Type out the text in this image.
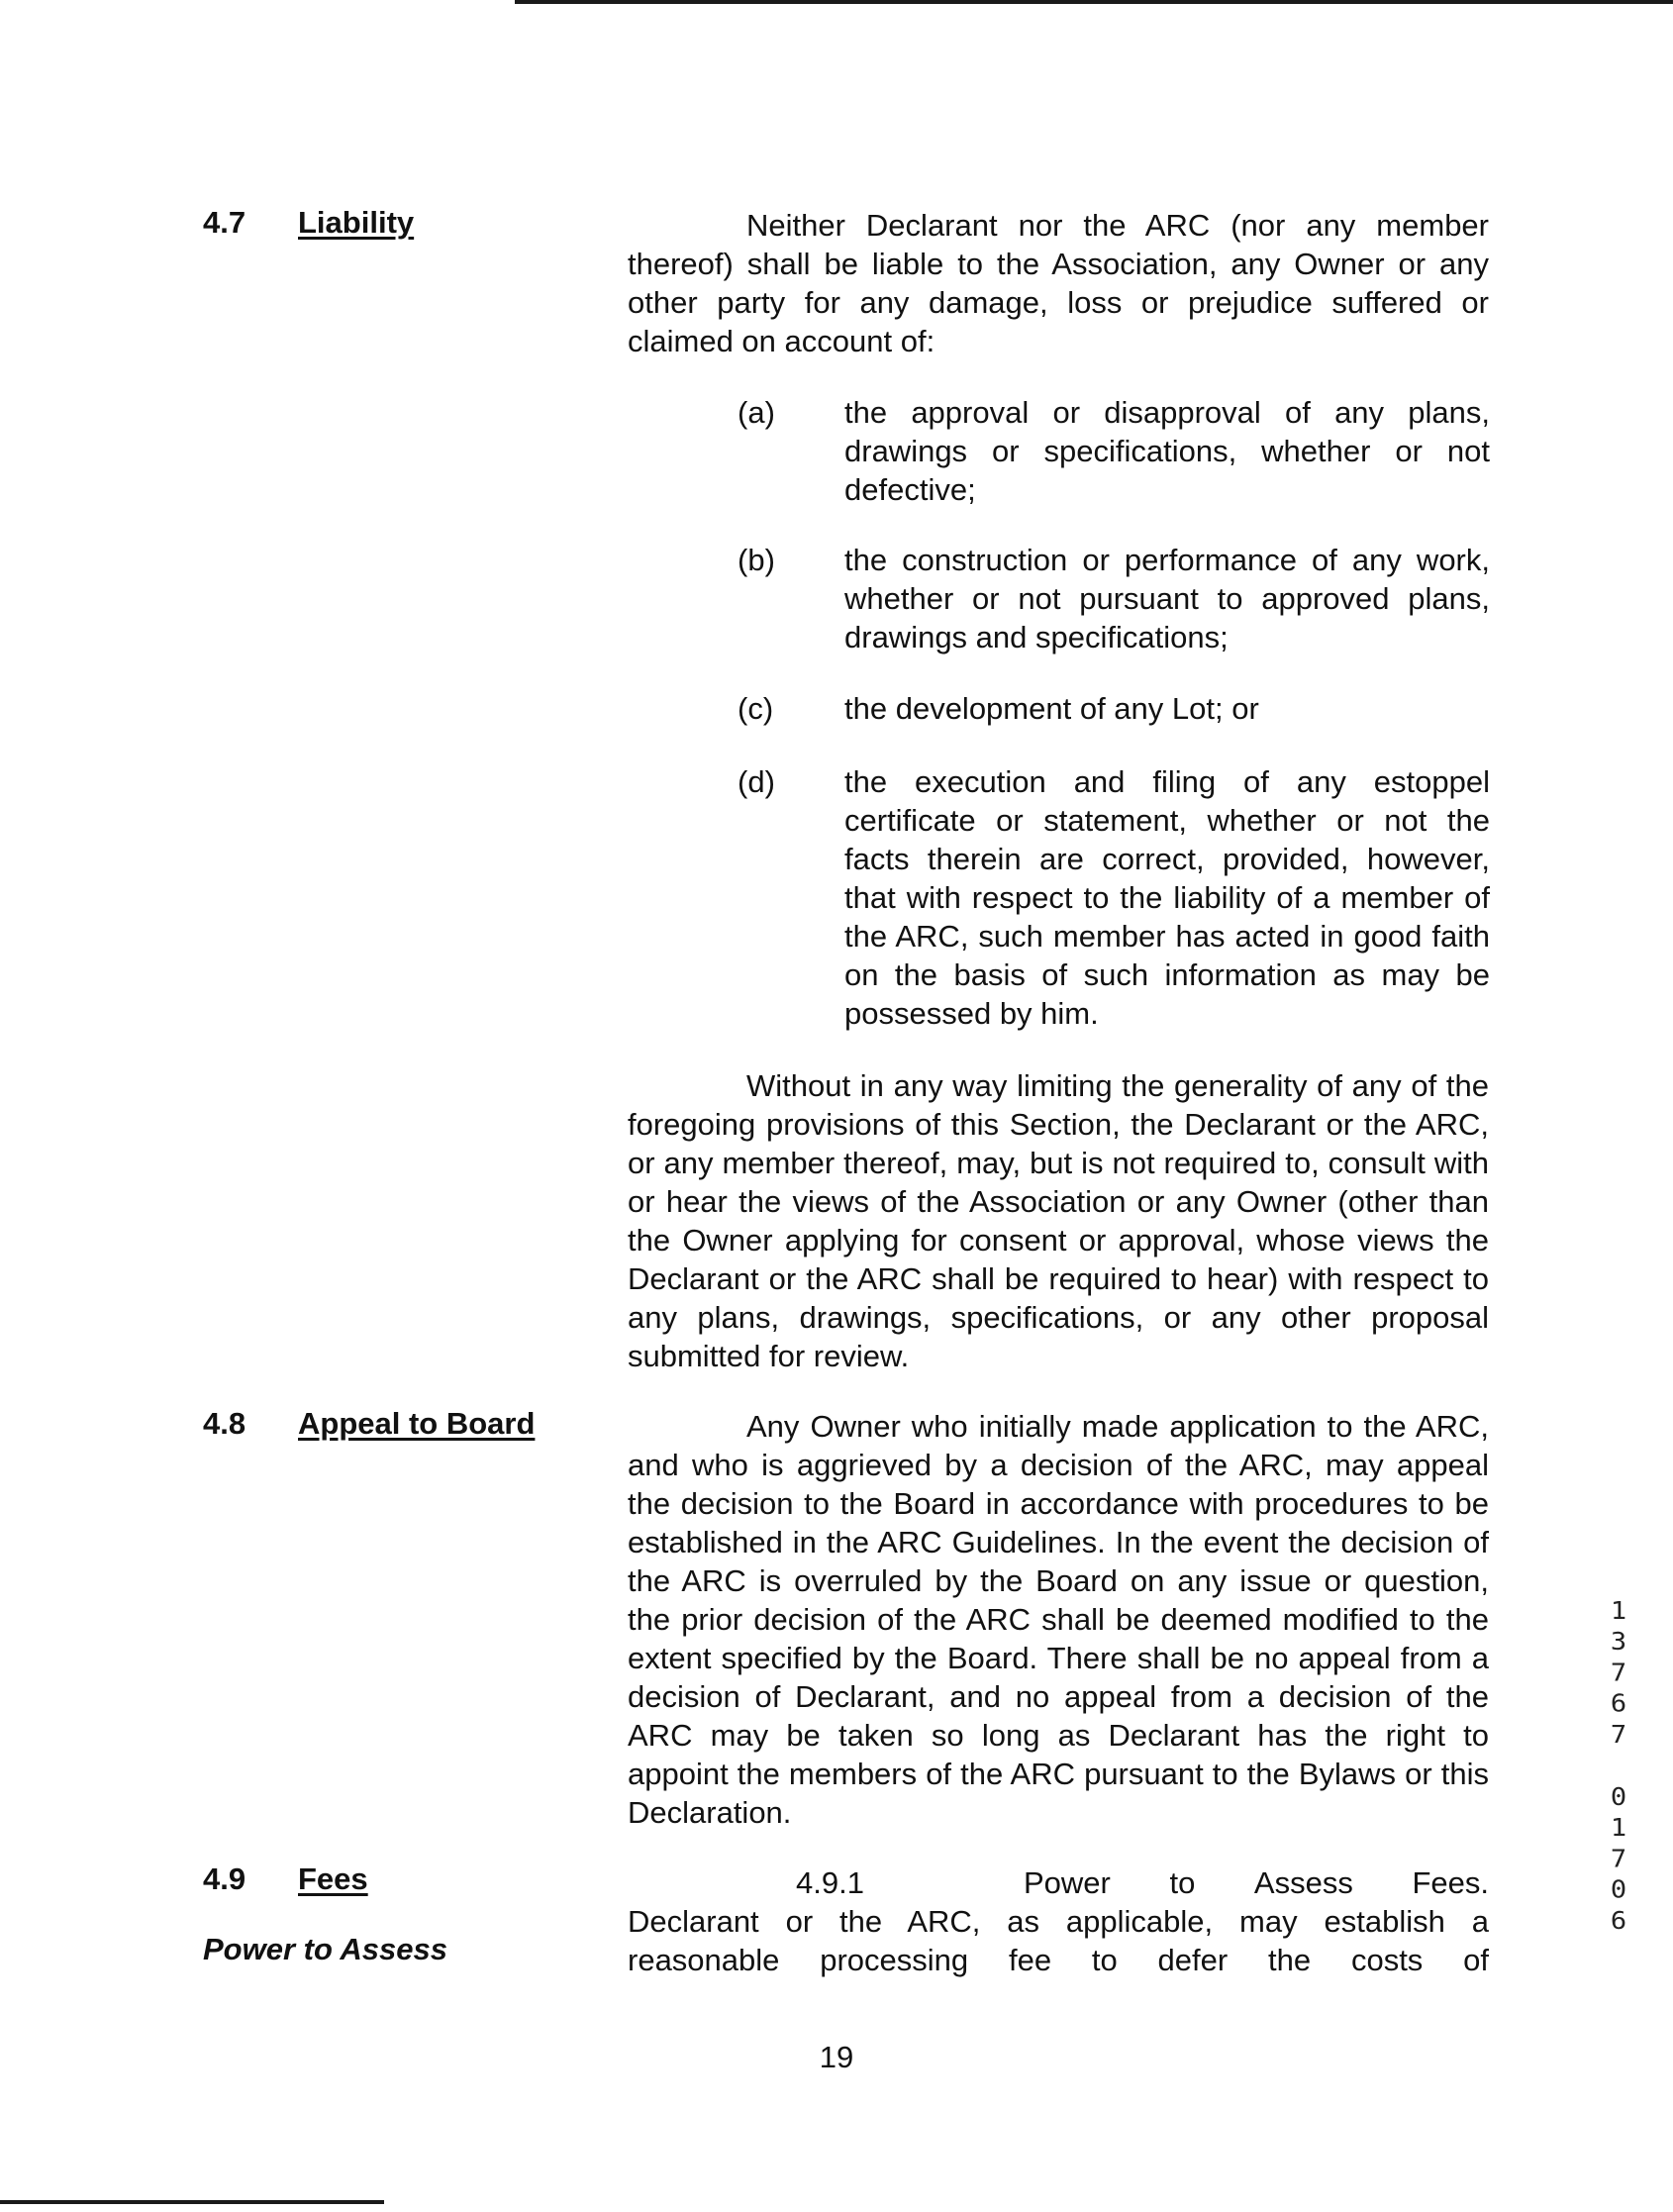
4.7 Liability	Neither Declarant nor the ARC (nor any member thereof) shall be liable to the Association, any Owner or any other party for any damage, loss or prejudice suffered or claimed on account of:

(a) the approval or disapproval of any plans, drawings or specifications, whether or not defective;
(b) the construction or performance of any work, whether or not pursuant to approved plans, drawings and specifications;
(c) the development of any Lot; or
(d) the execution and filing of any estoppel certificate or statement, whether or not the facts therein are correct, provided, however, that with respect to the liability of a member of the ARC, such member has acted in good faith on the basis of such information as may be possessed by him.

Without in any way limiting the generality of any of the foregoing provisions of this Section, the Declarant or the ARC, or any member thereof, may, but is not required to, consult with or hear the views of the Association or any Owner (other than the Owner applying for consent or approval, whose views the Declarant or the ARC shall be required to hear) with respect to any plans, drawings, specifications, or any other proposal submitted for review.

4.8 Appeal to Board	Any Owner who initially made application to the ARC, and who is aggrieved by a decision of the ARC, may appeal the decision to the Board in accordance with procedures to be established in the ARC Guidelines. In the event the decision of the ARC is overruled by the Board on any issue or question, the prior decision of the ARC shall be deemed modified to the extent specified by the Board. There shall be no appeal from a decision of Declarant, and no appeal from a decision of the ARC may be taken so long as Declarant has the right to appoint the members of the ARC pursuant to the Bylaws or this Declaration.

4.9 Fees
Power to Assess
4.9.1	Power to Assess Fees.

Declarant or the ARC, as applicable, may establish a reasonable processing fee to defer the costs of

13767
01706
19
